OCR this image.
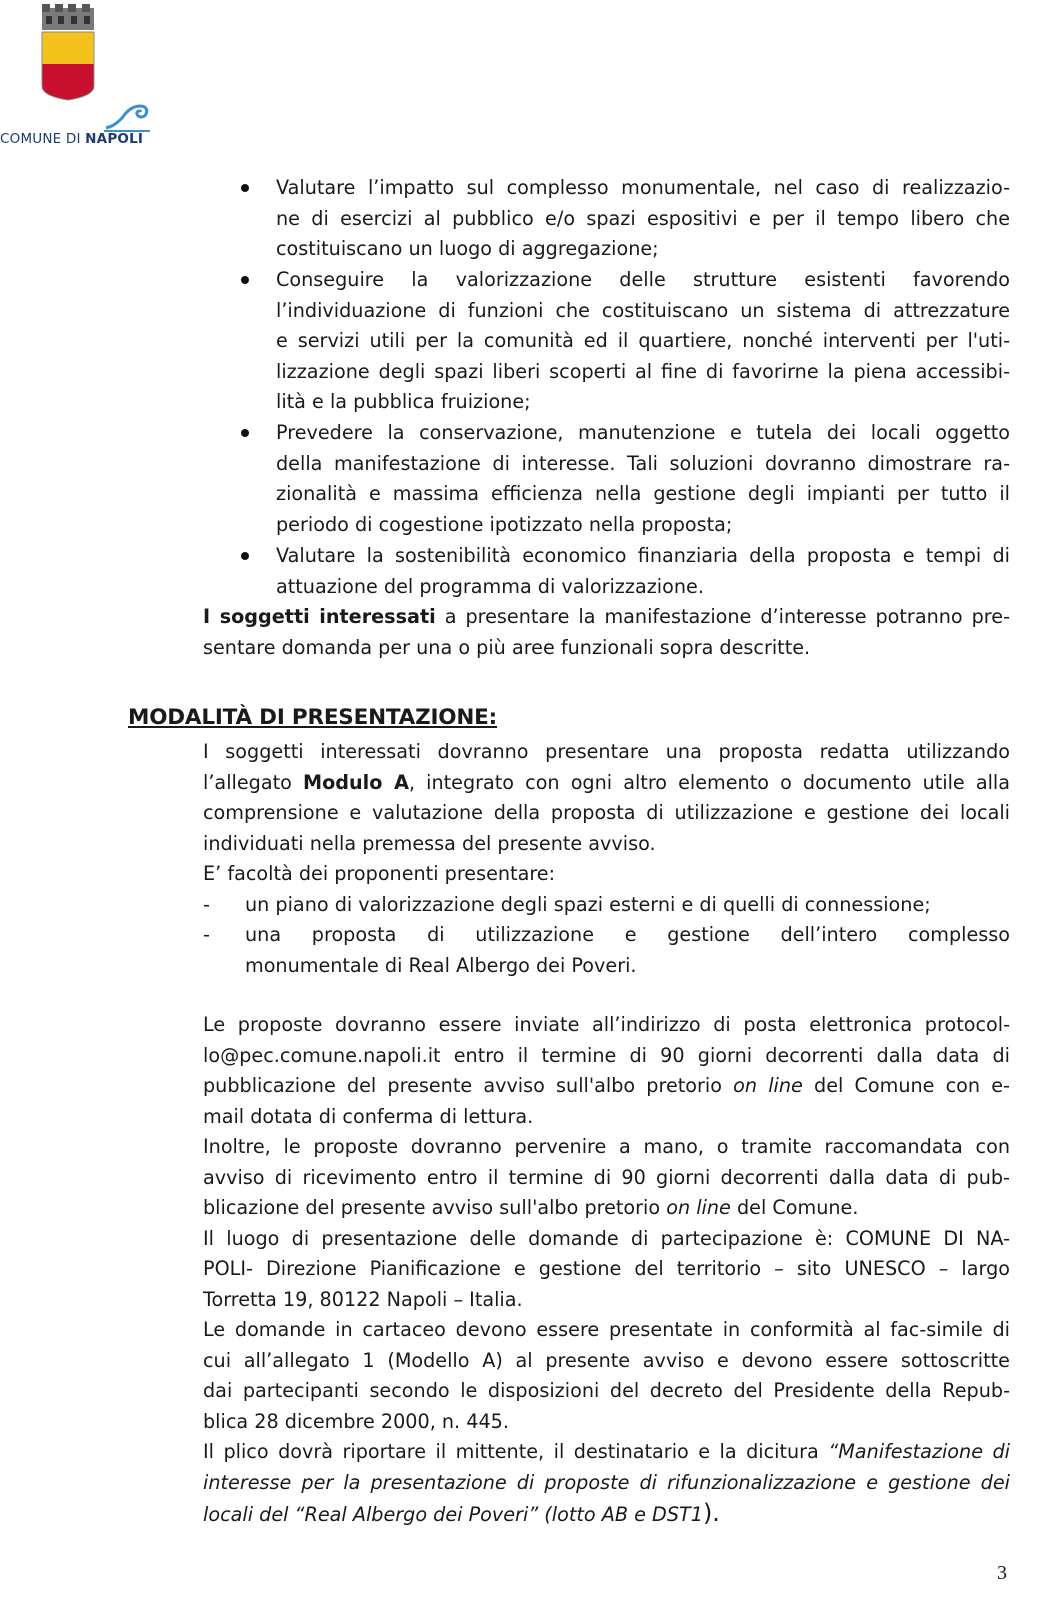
COMUNE DI NAPOLI
Valutare l’impatto sul complesso monumentale, nel caso di realizzazio-
ne di esercizi al pubblico e/o spazi espositivi e per il tempo libero che
costituiscano un luogo di aggregazione;
Conseguire la valorizzazione delle strutture esistenti favorendo
l’individuazione di funzioni che costituiscano un sistema di attrezzature
e servizi utili per la comunità ed il quartiere, nonché interventi per l'uti-
lizzazione degli spazi liberi scoperti al fine di favorirne la piena accessibi-
lità e la pubblica fruizione;
Prevedere la conservazione, manutenzione e tutela dei locali oggetto
della manifestazione di interesse. Tali soluzioni dovranno dimostrare ra-
zionalità e massima efficienza nella gestione degli impianti per tutto il
periodo di cogestione ipotizzato nella proposta;
Valutare la sostenibilità economico finanziaria della proposta e tempi di
attuazione del programma di valorizzazione.
I soggetti interessati a presentare la manifestazione d’interesse potranno pre-
sentare domanda per una o più aree funzionali sopra descritte.
MODALITÀ DI PRESENTAZIONE:
I soggetti interessati dovranno presentare una proposta redatta utilizzando
l’allegato Modulo A, integrato con ogni altro elemento o documento utile alla
comprensione e valutazione della proposta di utilizzazione e gestione dei locali
individuati nella premessa del presente avviso.
E’ facoltà dei proponenti presentare:
- un piano di valorizzazione degli spazi esterni e di quelli di connessione;
- una proposta di utilizzazione e gestione dell’intero complesso
monumentale di Real Albergo dei Poveri.
Le proposte dovranno essere inviate all’indirizzo di posta elettronica protocol-
lo@pec.comune.napoli.it entro il termine di 90 giorni decorrenti dalla data di
pubblicazione del presente avviso sull'albo pretorio on line del Comune con e-
mail dotata di conferma di lettura.
Inoltre, le proposte dovranno pervenire a mano, o tramite raccomandata con
avviso di ricevimento entro il termine di 90 giorni decorrenti dalla data di pub-
blicazione del presente avviso sull'albo pretorio on line del Comune.
Il luogo di presentazione delle domande di partecipazione è: COMUNE DI NA-
POLI- Direzione Pianificazione e gestione del territorio – sito UNESCO – largo
Torretta 19, 80122 Napoli – Italia.
Le domande in cartaceo devono essere presentate in conformità al fac-simile di
cui all’allegato 1 (Modello A) al presente avviso e devono essere sottoscritte
dai partecipanti secondo le disposizioni del decreto del Presidente della Repub-
blica 28 dicembre 2000, n. 445.
Il plico dovrà riportare il mittente, il destinatario e la dicitura “Manifestazione di
interesse per la presentazione di proposte di rifunzionalizzazione e gestione dei
locali del “Real Albergo dei Poveri” (lotto AB e DST1).
3
